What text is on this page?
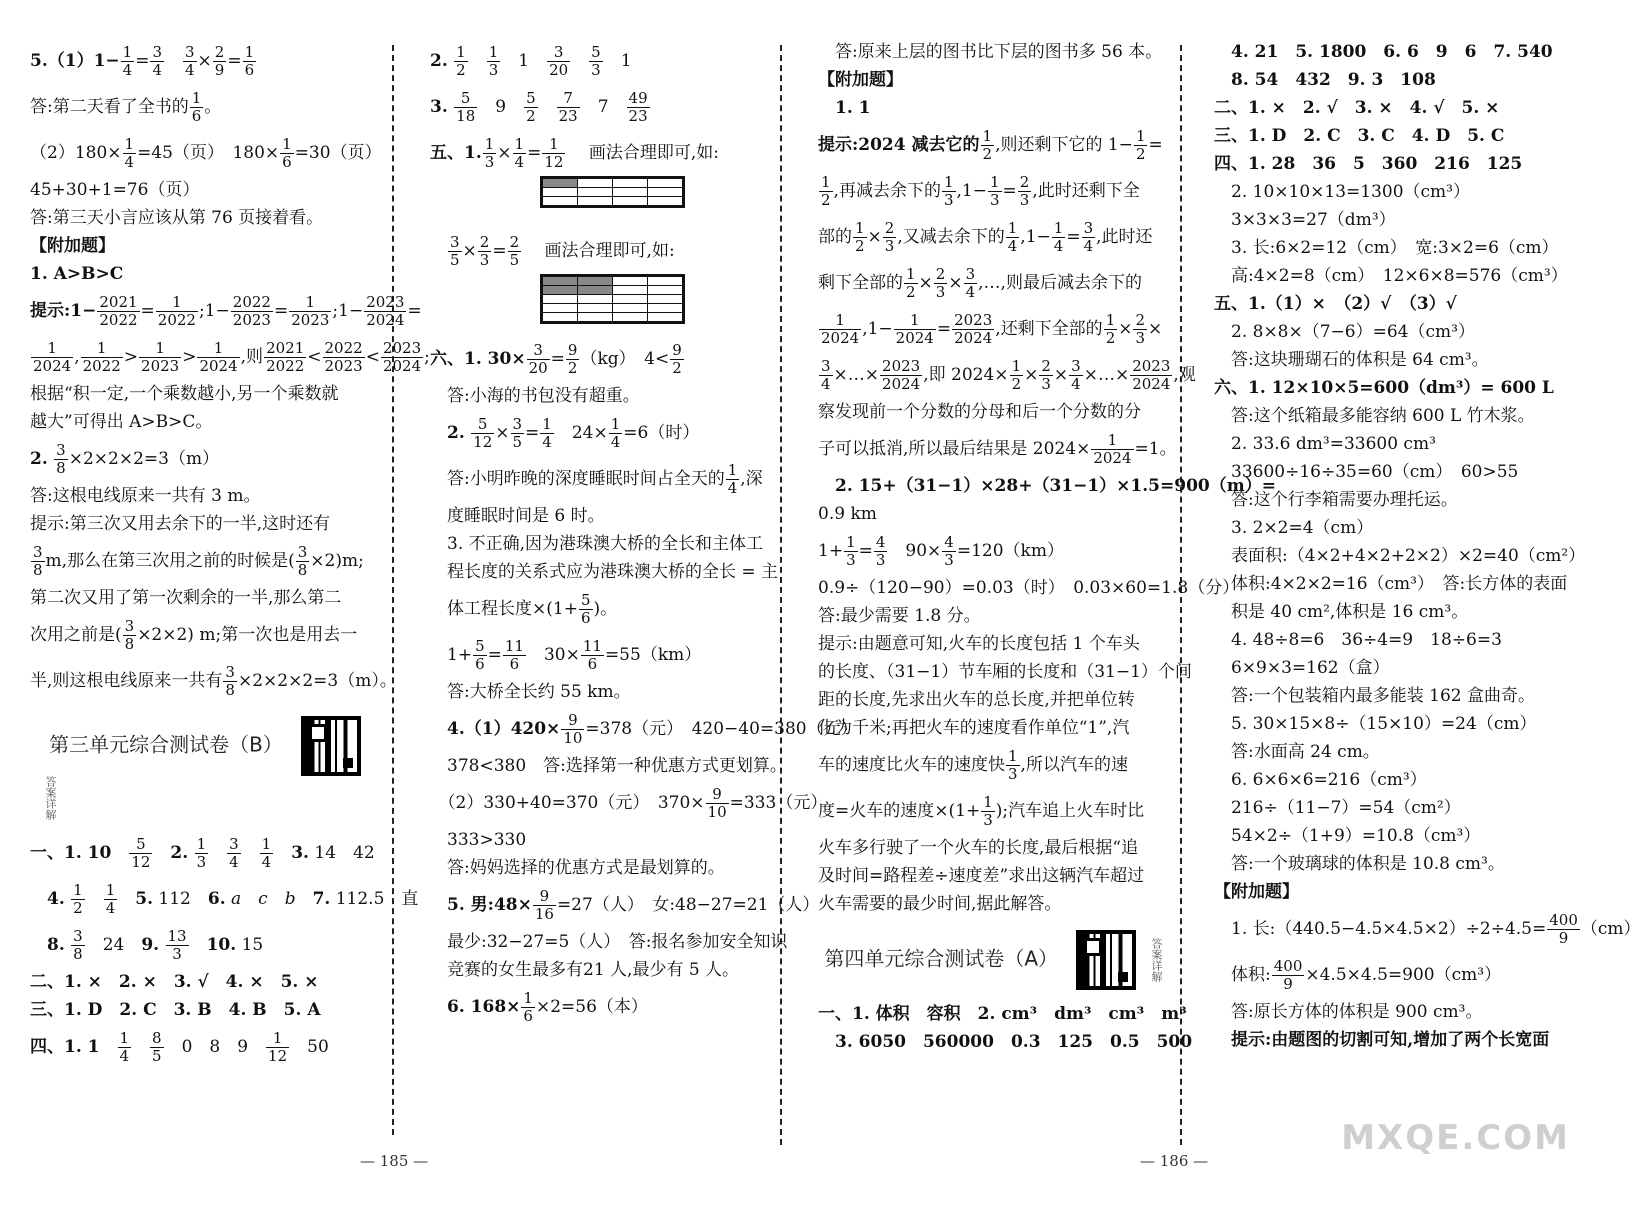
$5.(1)1- \frac{1}{4} = \frac{3}{4}$
　 $\frac{3}{4} \times \frac{2}{9} = \frac{1}{6}$
答:第二天看了全书的 $\frac{1}{6}$ 。
$(2)180\times \frac{1}{4} =45$（页）　$180\times \frac{1}{6} =30$（页）
45+30+1=76（页）
答:第三天小言应该从第 76 页接着看。
【附加题】
1. A>B>C
提示:1− $\frac{2021}{2022} = \frac{1}{2022}$ ;1− $\frac{2022}{2023} = \frac{1}{2023}$ ;1− $\frac{2023}{2024}$ =
$\frac{1}{2024}$ , $\frac{1}{2022} > \frac{1}{2023} > \frac{1}{2024}$ ,则 $\frac{2021}{2022} < \frac{2022}{2023} < \frac{2023}{2024}$ ;
根据“积一定,一个乘数越小,另一个乘数就
越大”可得出 A>B>C。
2. $\frac{3}{8} \times 2\times 2\times 2=3(m)$
答:这根电线原来一共有 3 m。
提示:第三次又用去余下的一半,这时还有
$\frac{3}{8} m$,那么在第三次用之前的时候是( $\frac{3}{8} \times 2)m$;
第二次又用了第一次剩余的一半,那么第二
次用之前是( $\frac{3}{8} \times 2\times 2$) m;第一次也是用去一
半,则这根电线原来一共有 $\frac{3}{8} \times 2\times 2\times 2=3(m)$。
第三单元综合测试卷（B）答案详解
一、1. 10　 $\frac{5}{12}$
　 2. $\frac{1}{3}$
　 $\frac{3}{4}$
　 $\frac{1}{4}$
　 3. 14　42
　4. $\frac{1}{2}$
　 $\frac{1}{4}$
　 5. 112　6. a　 c　 b　 7. 112.5　直
　8. $\frac{3}{8}$ 　24　9. $\frac{13}{3}$
　 10. 15
二、1. ×　2. ×　3. √　4. ×　5. ×
三、1. D　2. C　3. B　4. B　5. A
四、1. 1　 $\frac{1}{4}$
　 $\frac{8}{5}$ 　0　8　9　 $\frac{1}{12}$ 　50
2. $\frac{1}{2}$
　 $\frac{1}{3}$ 　1　 $\frac{3}{20}$
　 $\frac{5}{3}$ 　1
3. $\frac{5}{18}$ 　9　 $\frac{5}{2}$
　 $\frac{7}{23}$ 　7　 $\frac{49}{23}$
五、1. $\frac{1}{3} \times \frac{1}{4} = \frac{1}{12}$
　 画法合理即可,如:

$\frac{3}{5} \times \frac{2}{3} = \frac{2}{5}$
　 画法合理即可,如:

六、1. $30\times \frac{3}{20} = \frac{9}{2} (kg)$　$4< \frac{9}{2}$
　答:小海的书包没有超重。
　2. $\frac{5}{12} \times \frac{3}{5} = \frac{1}{4}$ 　$24\times \frac{1}{4} =6$（时）
　答:小明昨晚的深度睡眠时间占全天的 $\frac{1}{4}$ ,深
　度睡眠时间是 6 时。
　3. 不正确,因为港珠澳大桥的全长和主体工
　程长度的关系式应为港珠澳大桥的全长 = 主
　体工程长度$\times(1+ \frac{5}{6}$ )。
　$1+ \frac{5}{6} = \frac{11}{6}$ 　$30\times \frac{11}{6} =55(km)$
　答:大桥全长约 55 km。
　$4.(1)420\times \frac{9}{10} =378$（元）　420−40=380（元）
　378<380　答:选择第一种优惠方式更划算。
　（2）330+40=370（元）　$370\times \frac{9}{10} =333$（元）
　333>330
　答:妈妈选择的优惠方式是最划算的。
　5. 男:48× $\frac{9}{16} =27$（人）　女:48−27=21（人）
　最少:32−27=5（人）　答:报名参加安全知识
　竞赛的女生最多有21 人,最少有 5 人。
　6. $168\times \frac{1}{6} \times 2=56$（本）
　答:原来上层的图书比下层的图书多 56 本。
【附加题】
　1. 1
提示:2024 减去它的 $\frac{1}{2}$ ,则还剩下它的 $1- \frac{1}{2}$ =
$\frac{1}{2}$ ,再减去余下的 $\frac{1}{3} ,1- \frac{1}{3} = \frac{2}{3}$ ,此时还剩下全
部的 $\frac{1}{2} \times \frac{2}{3}$ ,又减去余下的 $\frac{1}{4} ,1- \frac{1}{4} = \frac{3}{4}$ ,此时还
剩下全部的 $\frac{1}{2} \times \frac{2}{3} \times \frac{3}{4}$ ,…,则最后减去余下的
$\frac{1}{2024} ,1- \frac{1}{2024} = \frac{2023}{2024}$ ,还剩下全部的 $\frac{1}{2} \times \frac{2}{3}$ ×
$\frac{3}{4}$ ×…× $\frac{2023}{2024}$ ,即 $2024\times \frac{1}{2} \times \frac{2}{3} \times \frac{3}{4}$ ×…× $\frac{2023}{2024}$ ,观
察发现前一个分数的分母和后一个分数的分
子可以抵消,所以最后结果是 $2024\times \frac{1}{2024} =1$。
　2. 15+（31−1）×28+（31−1）×1.5=900（m）=
0.9 km
$1+ \frac{1}{3} = \frac{4}{3}$ 　$90\times \frac{4}{3} =120(km)$
0.9÷（120−90）=0.03（时）　0.03×60=1.8（分）
答:最少需要 1.8 分。
提示:由题意可知,火车的长度包括 1 个车头
的长度、（31−1）节车厢的长度和（31−1）个间
距的长度,先求出火车的总长度,并把单位转
化为千米;再把火车的速度看作单位“1”,汽
车的速度比火车的速度快 $\frac{1}{3}$ ,所以汽车的速
度=火车的速度$\times(1+ \frac{1}{3}$ );汽车追上火车时比
火车多行驶了一个火车的长度,最后根据“追
及时间=路程差÷速度差”求出这辆汽车超过
火车需要的最少时间,据此解答。
第四单元综合测试卷（A）	答案详解
一、1. 体积　容积　2. cm³　dm³　cm³　m³
　3. 6050　560000　0.3　125　0.5　500
　4. 21　5. 1800　6. 6　9　6　7. 540
　8. 54　432　9. 3　108
二、1. ×　2. √　3. ×　4. √　5. ×
三、1. D　2. C　3. C　4. D　5. C
四、1. 28　36　5　360　216　125
　2. 10×10×13=1300（cm³）
　3×3×3=27（dm³）
　3. 长:6×2=12（cm）　宽:3×2=6（cm）
　高:4×2=8（cm）　12×6×8=576（cm³）
五、1.（1）×　（2）√　（3）√
　2. 8×8×（7−6）=64（cm³）
　答:这块珊瑚石的体积是 64 cm³。
六、1. 12×10×5=600（dm³）= 600 L
　答:这个纸箱最多能容纳 600 L 竹木浆。
　2. 33.6 dm³=33600 cm³
　33600÷16÷35=60（cm）　60>55
　答:这个行李箱需要办理托运。
　3. 2×2=4（cm）
　表面积:（4×2+4×2+2×2）×2=40（cm²）
　体积:4×2×2=16（cm³）　答:长方体的表面
　积是 40 cm²,体积是 16 cm³。
　4. 48÷8=6　36÷4=9　18÷6=3
　6×9×3=162（盒）
　答:一个包装箱内最多能装 162 盒曲奇。
　5. 30×15×8÷（15×10）=24（cm）
　答:水面高 24 cm。
　6. 6×6×6=216（cm³）
　216÷（11−7）=54（cm²）
　54×2÷（1+9）=10.8（cm³）
　答:一个玻璃球的体积是 10.8 cm³。
【附加题】
　1. 长:（440.5−4.5×4.5×2）÷2÷4.5= $\frac{400}{9} (cm)$
　体积: $\frac{400}{9} \times 4.5\times 4.5=900(cm^3)$
　答:原长方体的体积是 900 cm³。
　提示:由题图的切割可知,增加了两个长宽面
— 185 —	— 186 —
MXQE.COM
